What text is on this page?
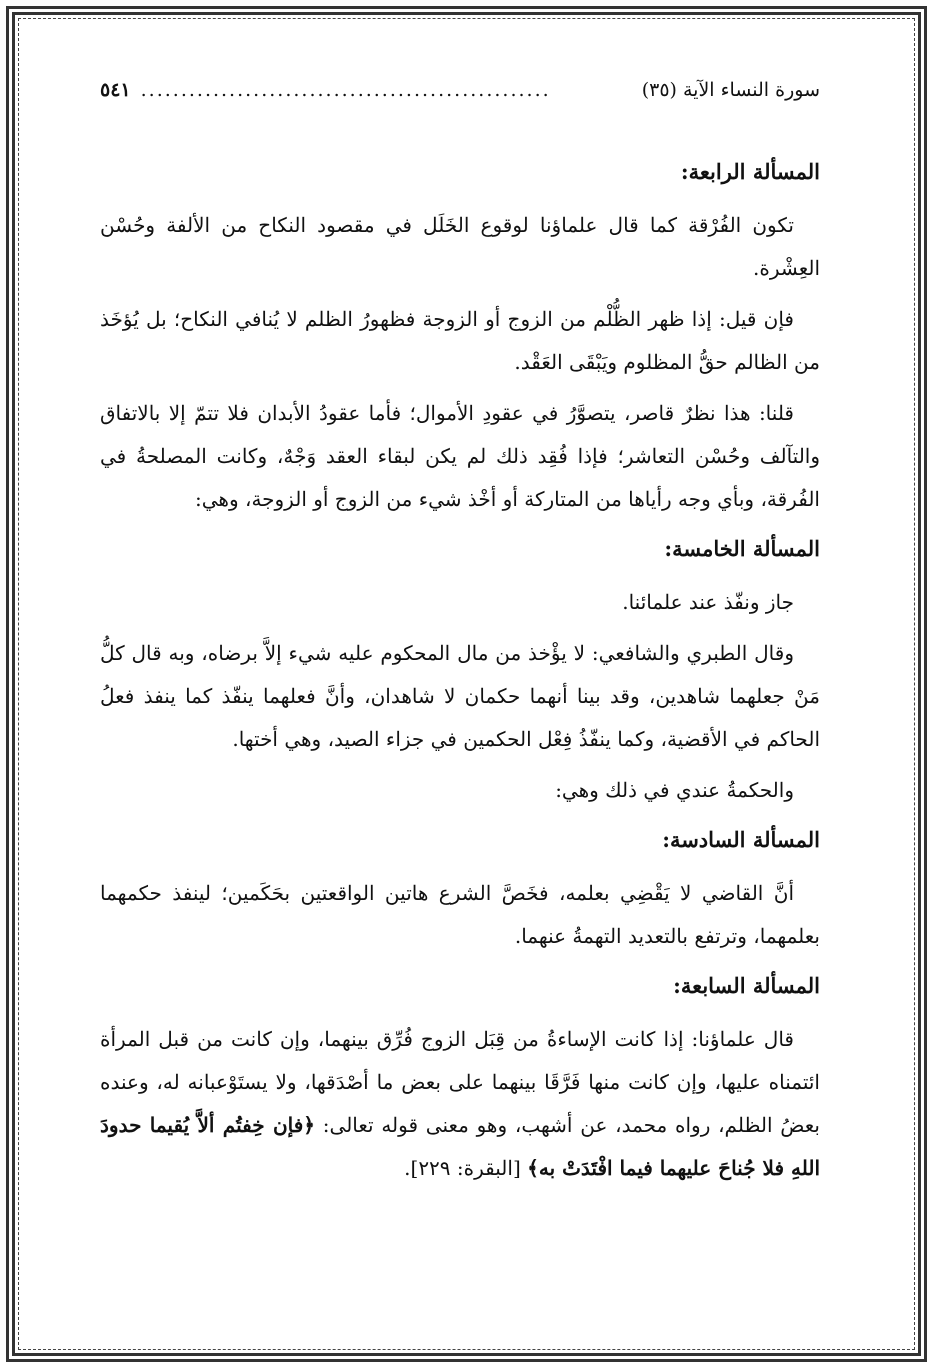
سورة النساء الآية (٣٥)
...................................................
٥٤١
المسألة الرابعة:

تكون الفُرْقة كما قال علماؤنا لوقوع الخَلَل في مقصود النكاح من الألفة وحُسْن العِشْرة.

فإن قيل: إذا ظهر الظُّلْم من الزوج أو الزوجة فظهورُ الظلم لا يُنافي النكاح؛ بل يُؤخَذ من الظالم حقُّ المظلوم ويَبْقَى العَقْد.

قلنا: هذا نظرٌ قاصر، يتصوَّرُ في عقودِ الأموال؛ فأما عقودُ الأبدان فلا تتمّ إلا بالاتفاق والتآلف وحُسْن التعاشر؛ فإذا فُقِد ذلك لم يكن لبقاء العقد وَجْهٌ، وكانت المصلحةُ في الفُرقة، وبأي وجه رأياها من المتاركة أو أخْذ شيء من الزوج أو الزوجة، وهي:

المسألة الخامسة:

جاز ونفّذ عند علمائنا.

وقال الطبري والشافعي: لا يؤْخذ من مال المحكوم عليه شيء إلاَّ برضاه، وبه قال كلُّ مَنْ جعلهما شاهدين، وقد بينا أنهما حكمان لا شاهدان، وأنَّ فعلهما ينفّذ كما ينفذ فعلُ الحاكم في الأقضية، وكما ينفّذُ فِعْل الحكمين في جزاء الصيد، وهي أختها.

والحكمةُ عندي في ذلك وهي:

المسألة السادسة:

أنَّ القاضي لا يَقْضِي بعلمه، فخَصَّ الشرع هاتين الواقعتين بحَكَمين؛ لينفذ حكمهما بعلمهما، وترتفع بالتعديد التهمةُ عنهما.

المسألة السابعة:

قال علماؤنا: إذا كانت الإساءةُ من قِبَل الزوج فُرِّق بينهما، وإن كانت من قبل المرأة ائتمناه عليها، وإن كانت منها فَرَّقَا بينهما على بعض ما أصْدَقها، ولا يستَوْعبانه له، وعنده بعضُ الظلم، رواه محمد، عن أشهب، وهو معنى قوله تعالى: ﴿فإن خِفتُم ألاَّ يُقيما حدودَ اللهِ فلا جُناحَ عليهما فيما افْتَدَتْ به﴾ [البقرة: ٢٢٩].
